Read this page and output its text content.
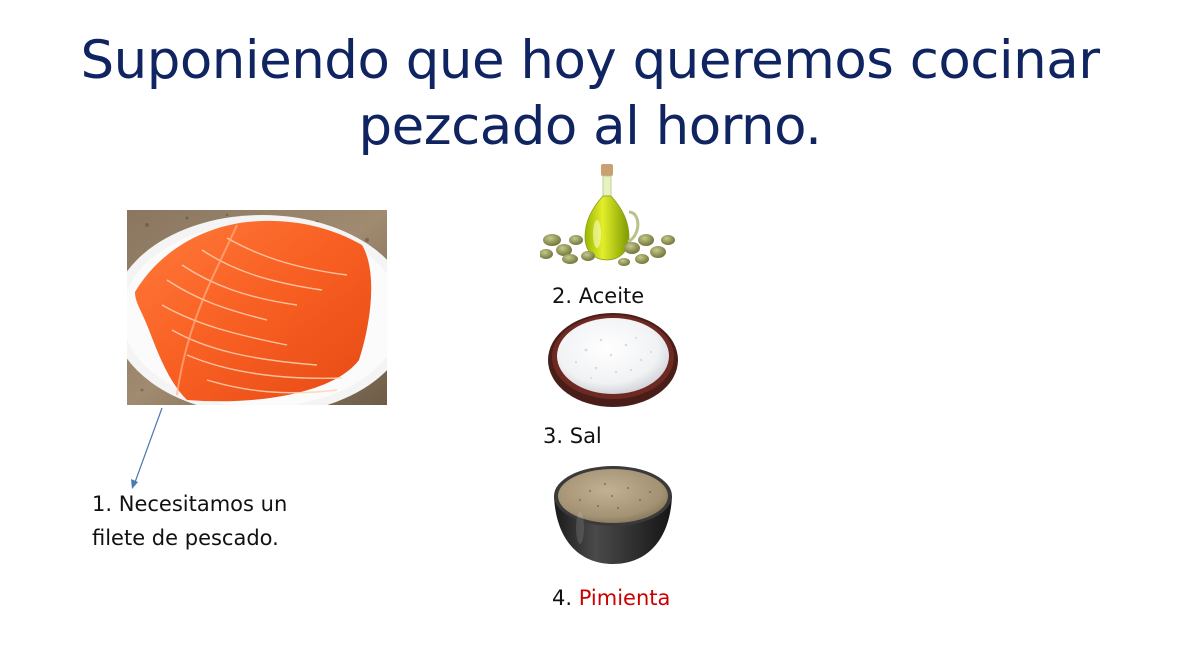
Suponiendo que hoy queremos cocinar
pezcado al horno.
1. Necesitamos un
filete de pescado.
2. Aceite
3. Sal
4. Pimienta
